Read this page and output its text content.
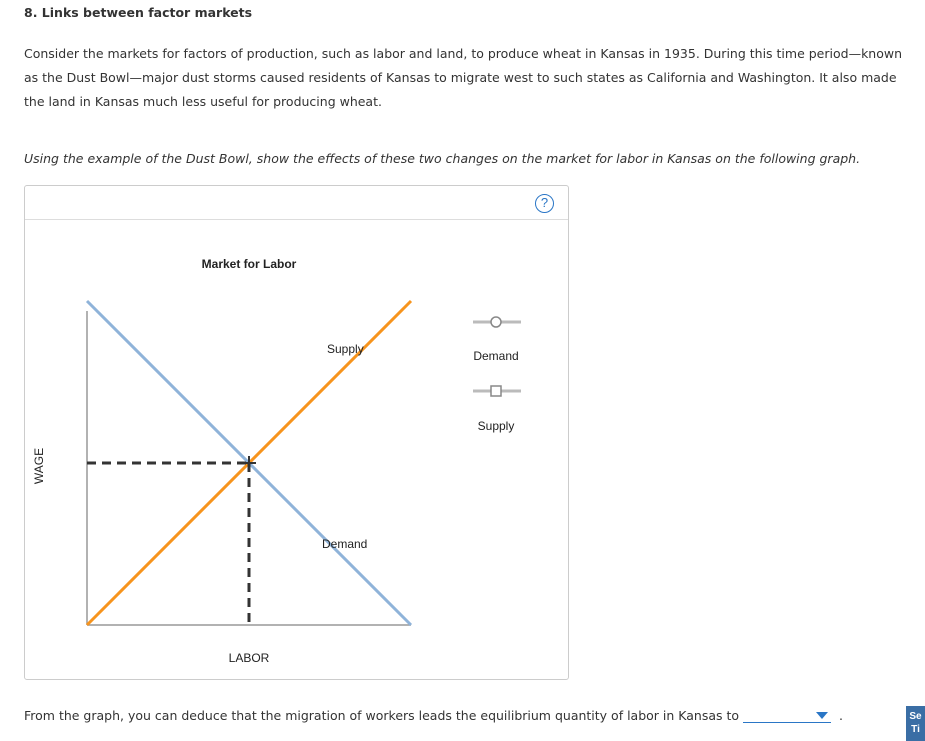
8. Links between factor markets
Consider the markets for factors of production, such as labor and land, to produce wheat in Kansas in 1935. During this time period—known as the Dust Bowl—major dust storms caused residents of Kansas to migrate west to such states as California and Washington. It also made the land in Kansas much less useful for producing wheat.
Using the example of the Dust Bowl, show the effects of these two changes on the market for labor in Kansas on the following graph.
?
Market for Labor
LABOR
WAGE
Supply
Demand
Demand
Supply
From the graph, you can deduce that the migration of workers leads the equilibrium quantity of labor in Kansas to	.	Se Ti
